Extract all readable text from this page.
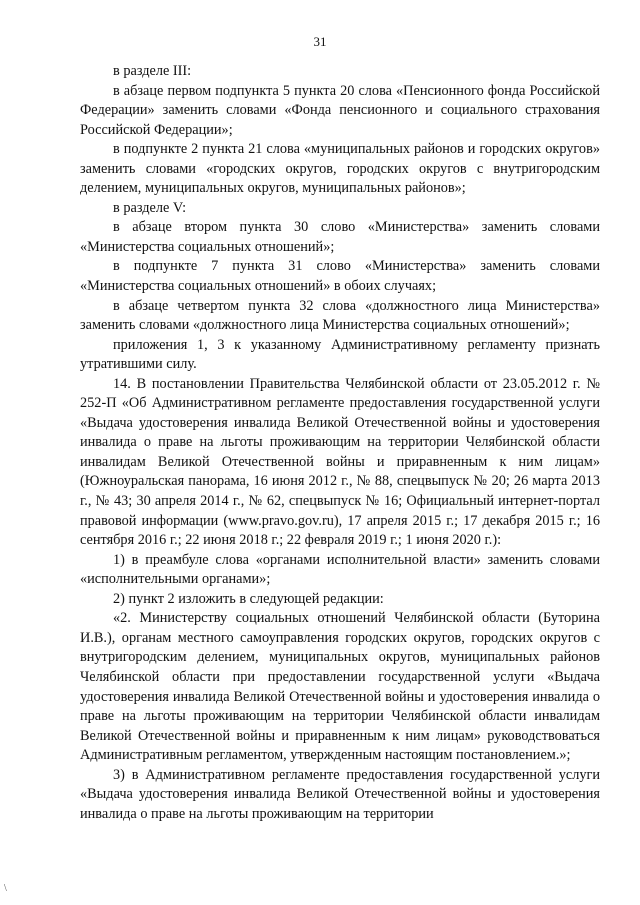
31

в разделе III:

в абзаце первом подпункта 5 пункта 20 слова «Пенсионного фонда Российской Федерации» заменить словами «Фонда пенсионного и социального страхования Российской Федерации»;

в подпункте 2 пункта 21 слова «муниципальных районов и городских округов» заменить словами «городских округов, городских округов с внутригородским делением, муниципальных округов, муниципальных районов»;

в разделе V:

в абзаце втором пункта 30 слово «Министерства» заменить словами «Министерства социальных отношений»;

в подпункте 7 пункта 31 слово «Министерства» заменить словами «Министерства социальных отношений» в обоих случаях;

в абзаце четвертом пункта 32 слова «должностного лица Министерства» заменить словами «должностного лица Министерства социальных отношений»;

приложения 1, 3 к указанному Административному регламенту признать утратившими силу.

14. В постановлении Правительства Челябинской области от 23.05.2012 г. № 252-П «Об Административном регламенте предоставления государственной услуги «Выдача удостоверения инвалида Великой Отечественной войны и удостоверения инвалида о праве на льготы проживающим на территории Челябинской области инвалидам Великой Отечественной войны и приравненным к ним лицам» (Южноуральская панорама, 16 июня 2012 г., № 88, спецвыпуск № 20; 26 марта 2013 г., № 43; 30 апреля 2014 г., № 62, спецвыпуск № 16; Официальный интернет-портал правовой информации (www.pravo.gov.ru), 17 апреля 2015 г.; 17 декабря 2015 г.; 16 сентября 2016 г.; 22 июня 2018 г.; 22 февраля 2019 г.; 1 июня 2020 г.):

1) в преамбуле слова «органами исполнительной власти» заменить словами «исполнительными органами»;

2) пункт 2 изложить в следующей редакции:

«2. Министерству социальных отношений Челябинской области (Буторина И.В.), органам местного самоуправления городских округов, городских округов с внутригородским делением, муниципальных округов, муниципальных районов Челябинской области при предоставлении государственной услуги «Выдача удостоверения инвалида Великой Отечественной войны и удостоверения инвалида о праве на льготы проживающим на территории Челябинской области инвалидам Великой Отечественной войны и приравненным к ним лицам» руководствоваться Административным регламентом, утвержденным настоящим постановлением.»;

3) в Административном регламенте предоставления государственной услуги «Выдача удостоверения инвалида Великой Отечественной войны и удостоверения инвалида о праве на льготы проживающим на территории

\
